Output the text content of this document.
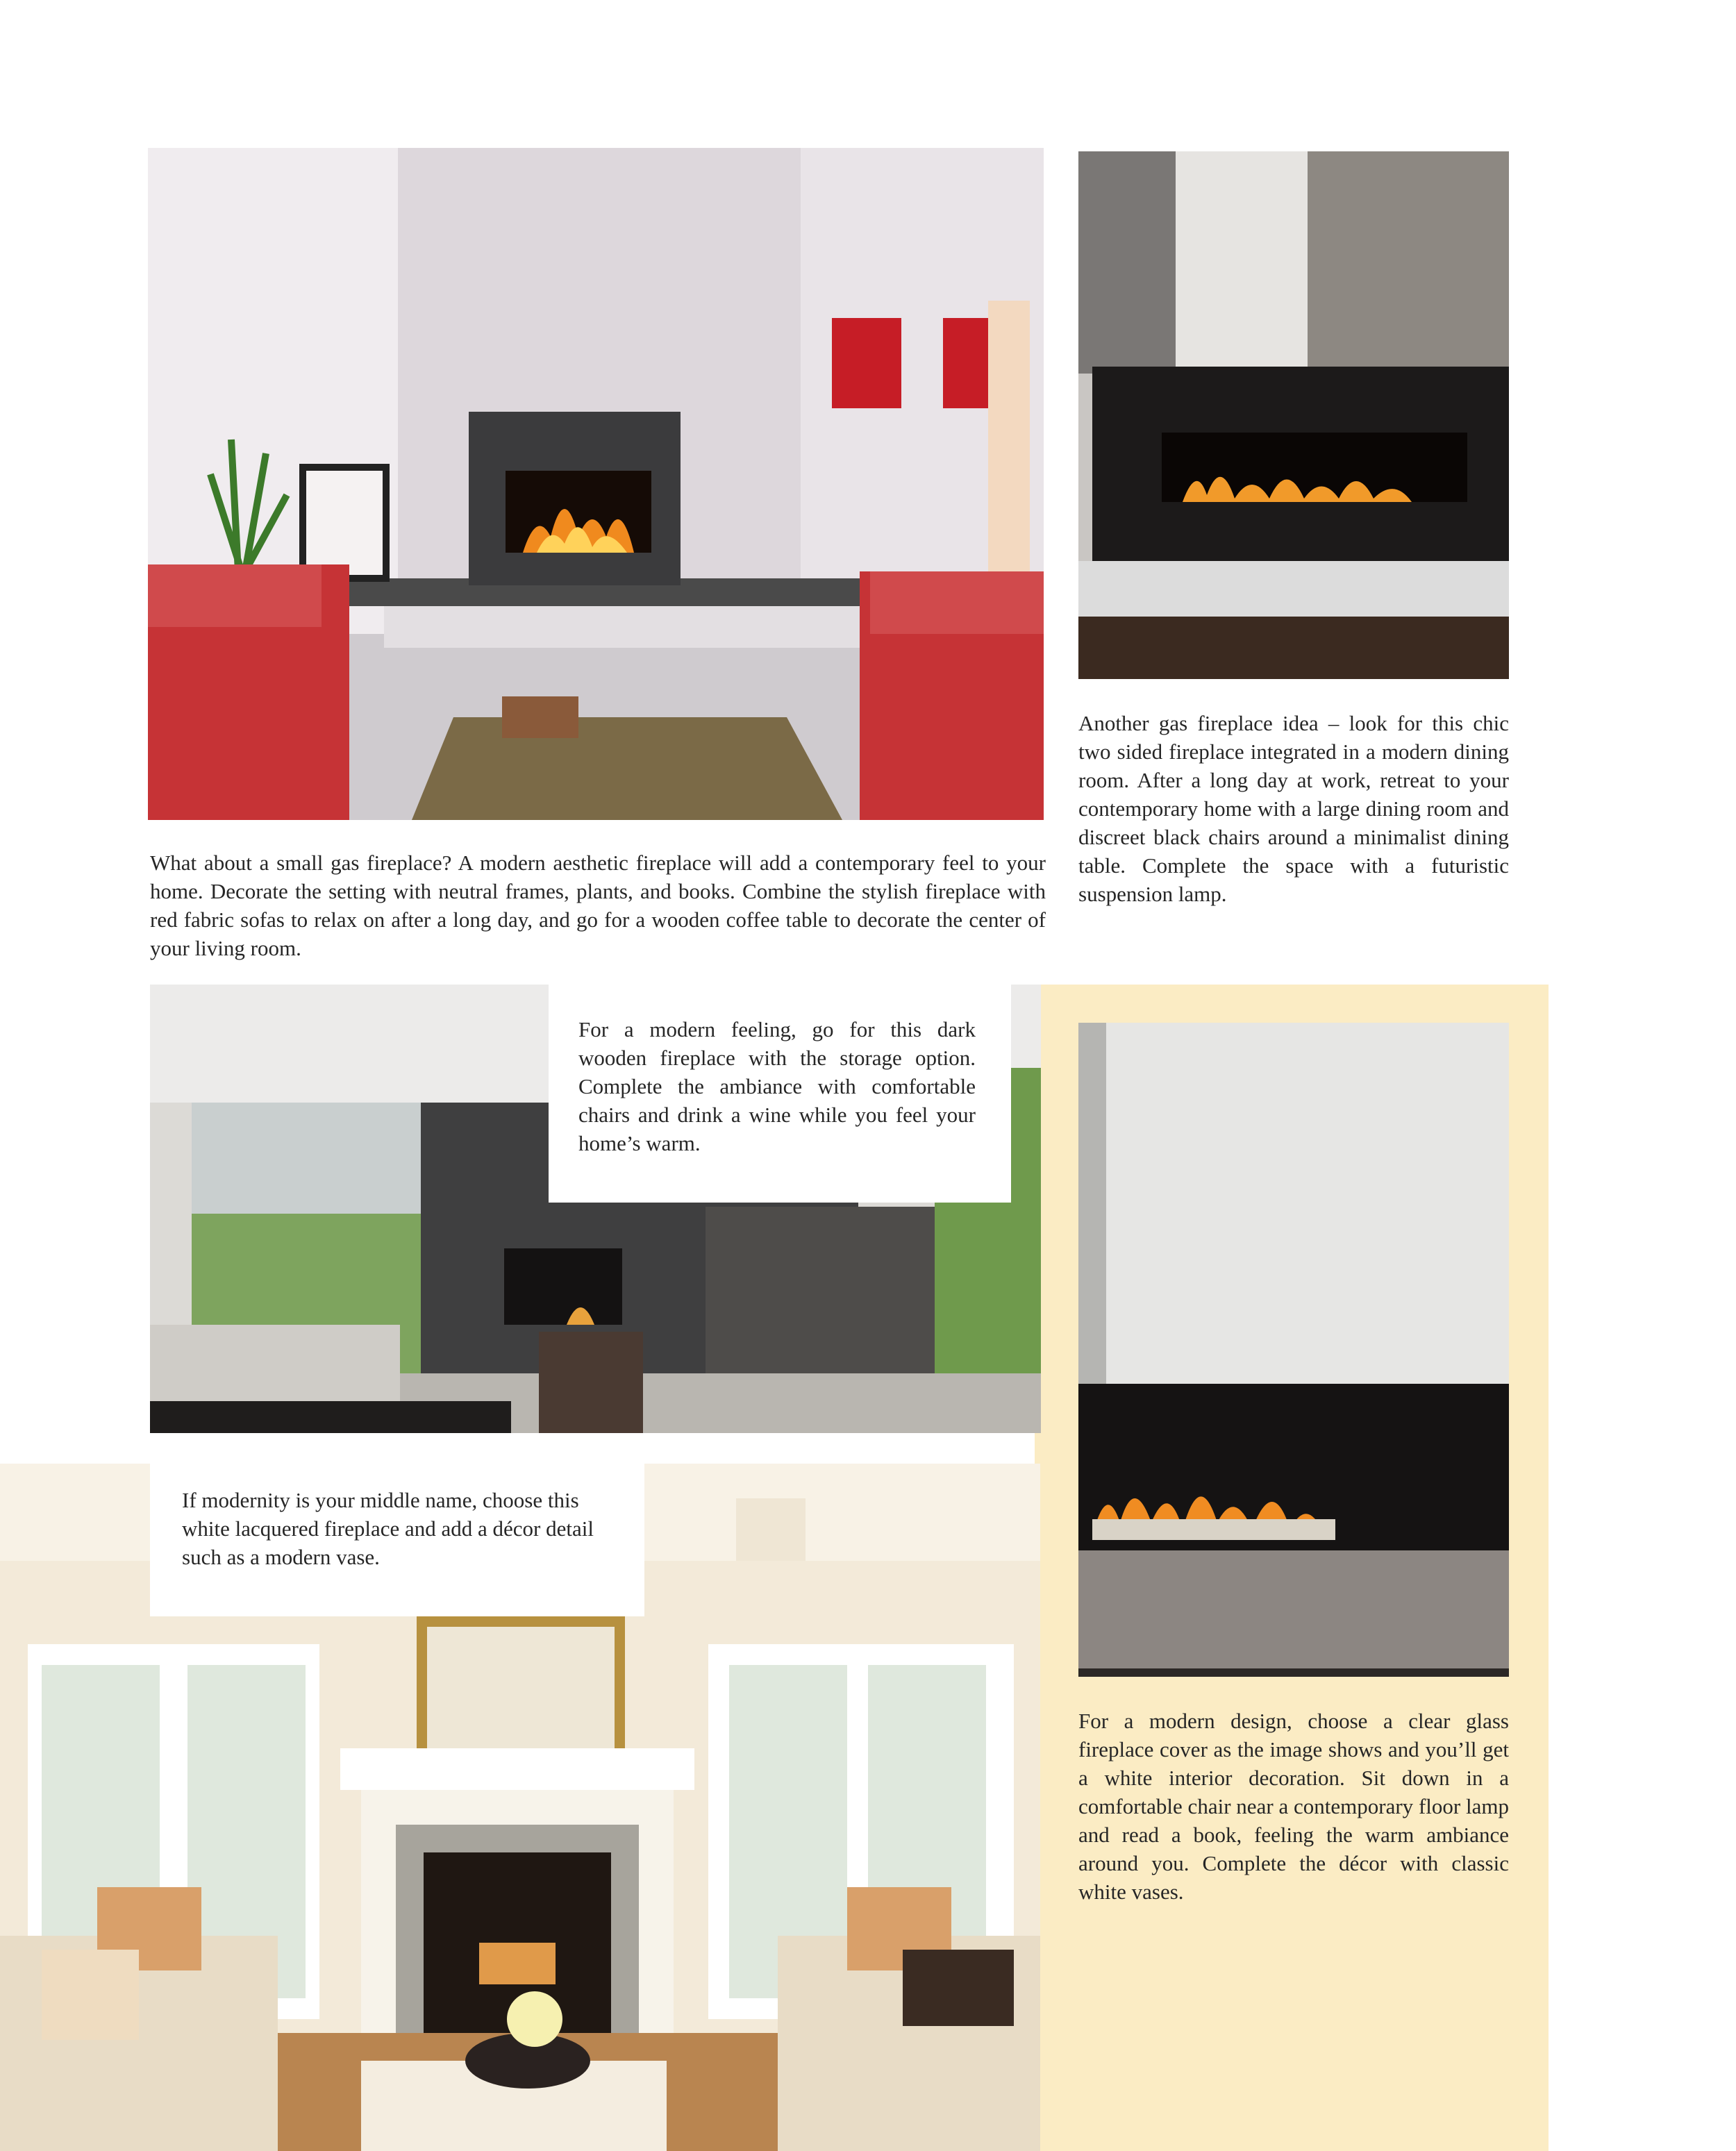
What about a small gas fireplace? A modern aesthetic fireplace will add a contemporary feel to your home. Decorate the setting with neutral frames, plants, and books. Combine the stylish fireplace with red fabric sofas to relax on after a long day, and go for a wooden coffee table to decorate the center of your living room.
Another gas fireplace idea – look for this chic two sided fireplace integrated in a modern dining room. After a long day at work, retreat to your contemporary home with a large dining room and discreet black chairs around a minimalist dining table. Complete the space with a futuristic suspension lamp.
For a modern feeling, go for this dark wooden fireplace with the storage option. Complete the ambiance with comfortable chairs and drink a wine while you feel your home’s warm.
For a modern design, choose a clear glass fireplace cover as the image shows and you’ll get a white interior decoration. Sit down in a comfortable chair near a contemporary floor lamp and read a book, feeling the warm ambiance around you. Complete the décor with classic white vases.
If modernity is your middle name, choose this white lacquered fireplace and add a décor detail such as a modern vase.
